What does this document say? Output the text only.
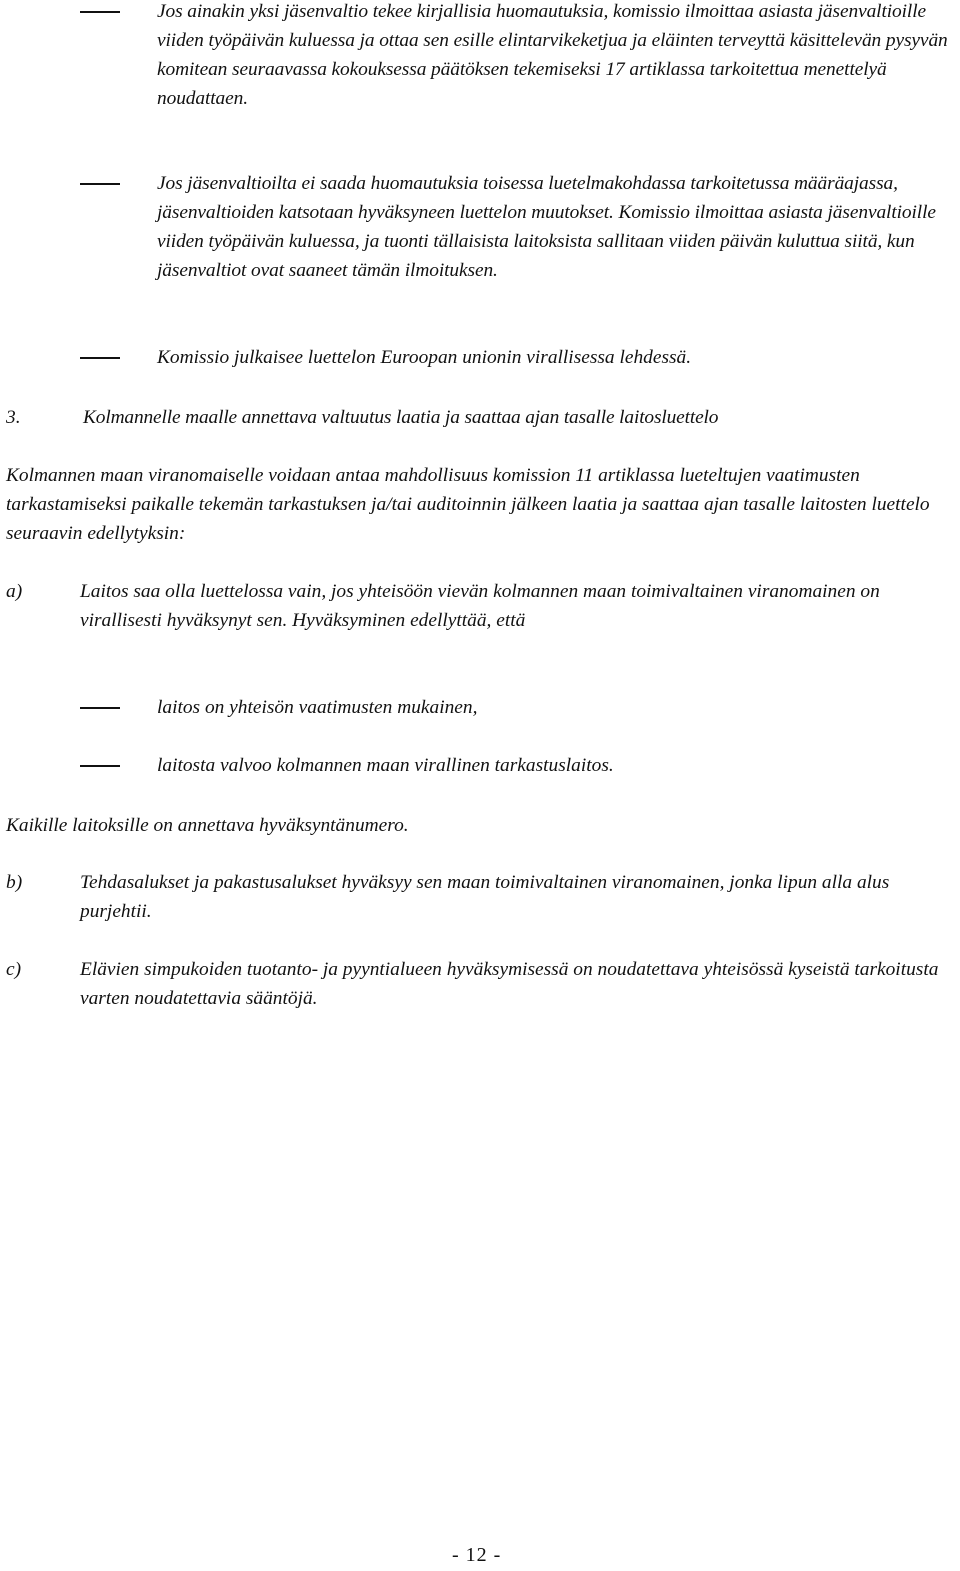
Jos ainakin yksi jäsenvaltio tekee kirjallisia huomautuksia, komissio ilmoittaa asiasta jäsenvaltioille viiden työpäivän kuluessa ja ottaa sen esille elintarvikeketjua ja eläinten terveyttä käsittelevän pysyvän komitean seuraavassa kokouksessa päätöksen tekemiseksi 17 artiklassa tarkoitettua menettelyä noudattaen.

Jos jäsenvaltioilta ei saada huomautuksia toisessa luetelmakohdassa tarkoitetussa määräajassa, jäsenvaltioiden katsotaan hyväksyneen luettelon muutokset. Komissio ilmoittaa asiasta jäsenvaltioille viiden työpäivän kuluessa, ja tuonti tällaisista laitoksista sallitaan viiden päivän kuluttua siitä, kun jäsenvaltiot ovat saaneet tämän ilmoituksen.

Komissio julkaisee luettelon Euroopan unionin virallisessa lehdessä.

3.	Kolmannelle maalle annettava valtuutus laatia ja saattaa ajan tasalle laitosluettelo

Kolmannen maan viranomaiselle voidaan antaa mahdollisuus komission 11 artiklassa lueteltujen vaatimusten tarkastamiseksi paikalle tekemän tarkastuksen ja/tai auditoinnin jälkeen laatia ja saattaa ajan tasalle laitosten luettelo seuraavin edellytyksin:

a)	Laitos saa olla luettelossa vain, jos yhteisöön vievän kolmannen maan toimivaltainen viranomainen on virallisesti hyväksynyt sen. Hyväksyminen edellyttää, että

laitos on yhteisön vaatimusten mukainen,

laitosta valvoo kolmannen maan virallinen tarkastuslaitos.

Kaikille laitoksille on annettava hyväksyntänumero.

b)	Tehdasalukset ja pakastusalukset hyväksyy sen maan toimivaltainen viranomainen, jonka lipun alla alus purjehtii.

c)	Elävien simpukoiden tuotanto- ja pyyntialueen hyväksymisessä on noudatettava yhteisössä kyseistä tarkoitusta varten noudatettavia sääntöjä.

- 12 -
